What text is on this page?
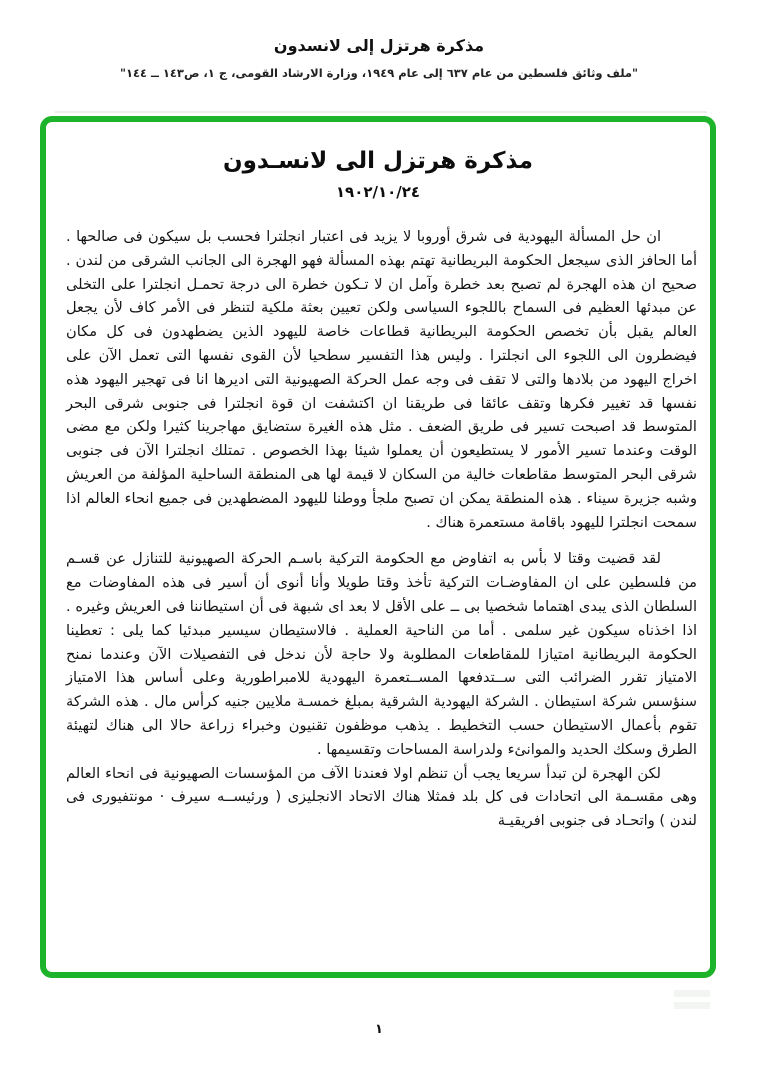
مذكرة هرتزل إلى لانسدون
"ملف وثائق فلسطين من عام ٦٣٧ إلى عام ١٩٤٩، وزارة الارشاد القومى، ج ١، ص١٤٣ ــ ١٤٤"
مذكرة هرتزل الى لانسـدون
١٩٠٢/١٠/٢٤

ان حل المسألة اليهودية فى شرق أوروبا لا يزيد فى اعتبار انجلترا فحسب بل سيكون فى صالحها . أما الحافز الذى سيجعل الحكومة البريطانية تهتم بهذه المسألة فهو الهجرة الى الجانب الشرقى من لندن . صحيح ان هذه الهجرة لم تصبح بعد خطرة وآمل ان لا تـكون خطرة الى درجة تحمـل انجلترا على التخلى عن مبدئها العظيم فى السماح باللجوء السياسى ولكن تعيين بعثة ملكية لتنظر فى الأمر كاف لأن يجعل العالم يقبل بأن تخصص الحكومة البريطانية قطاعات خاصة لليهود الذين يضطهدون فى كل مكان فيضطرون الى اللجوء الى انجلترا . وليس هذا التفسير سطحيا لأن القوى نفسها التى تعمل الآن على اخراج اليهود من بلادها والتى لا تقف فى وجه عمل الحركة الصهيونية التى اديرها انا فى تهجير اليهود هذه نفسها قد تغيير فكرها وتقف عائقا فى طريقنا ان اكتشفت ان قوة انجلترا فى جنوبى شرقى البحر المتوسط قد اصبحت تسير فى طريق الضعف . مثل هذه الغيرة ستضايق مهاجرينا كثيرا ولكن مع مضى الوقت وعندما تسير الأمور لا يستطيعون أن يعملوا شيئا بهذا الخصوص . تمتلك انجلترا الآن فى جنوبى شرقى البحر المتوسط مقاطعات خالية من السكان لا قيمة لها هى المنطقة الساحلية المؤلفة من العريش وشبه جزيرة سيناء . هذه المنطقة يمكن ان تصبح ملجأ ووطنا لليهود المضطهدين فى جميع انحاء العالم اذا سمحت انجلترا لليهود باقامة مستعمرة هناك .

لقد قضيت وقتا لا بأس به اتفاوض مع الحكومة التركية باسـم الحركة الصهيونية للتنازل عن قسـم من فلسطين على ان المفاوضـات التركية تأخذ وقتا طويلا وأنا أنوى أن أسير فى هذه المفاوضات مع السلطان الذى يبدى اهتماما شخصيا بى ــ على الأقل لا بعد اى شبهة فى أن استيطاننا فى العريش وغيره . اذا اخذناه سيكون غير سلمى . أما من الناحية العملية . فالاستيطان سيسير مبدئيا كما يلى : تعطينا الحكومة البريطانية امتيازا للمقاطعات المطلوبة ولا حاجة لأن ندخل فى التفصيلات الآن وعندما نمنح الامتياز تقرر الضرائب التى ســتدفعها المســتعمرة اليهودية للامبراطورية وعلى أساس هذا الامتياز سنؤسس شركة استيطان . الشركة اليهودية الشرقية بمبلغ خمسـة ملايين جنيه كرأس مال . هذه الشركة تقوم بأعمال الاستيطان حسب التخطيط . يذهب موظفون تقنيون وخبراء زراعة حالا الى هناك لتهيئة الطرق وسكك الحديد والموانئء ولدراسة المساحات وتقسيمها .

لكن الهجرة لن تبدأ سريعا يجب أن تنظم اولا فعندنا الآف من المؤسسات الصهيونية فى انحاء العالم وهى مقسـمة الى اتحادات فى كل بلد فمثلا هناك الاتحاد الانجليزى ( ورئيســه سيرف · مونتفيورى فى لندن ) واتحـاد فى جنوبى افريقيـة

١
